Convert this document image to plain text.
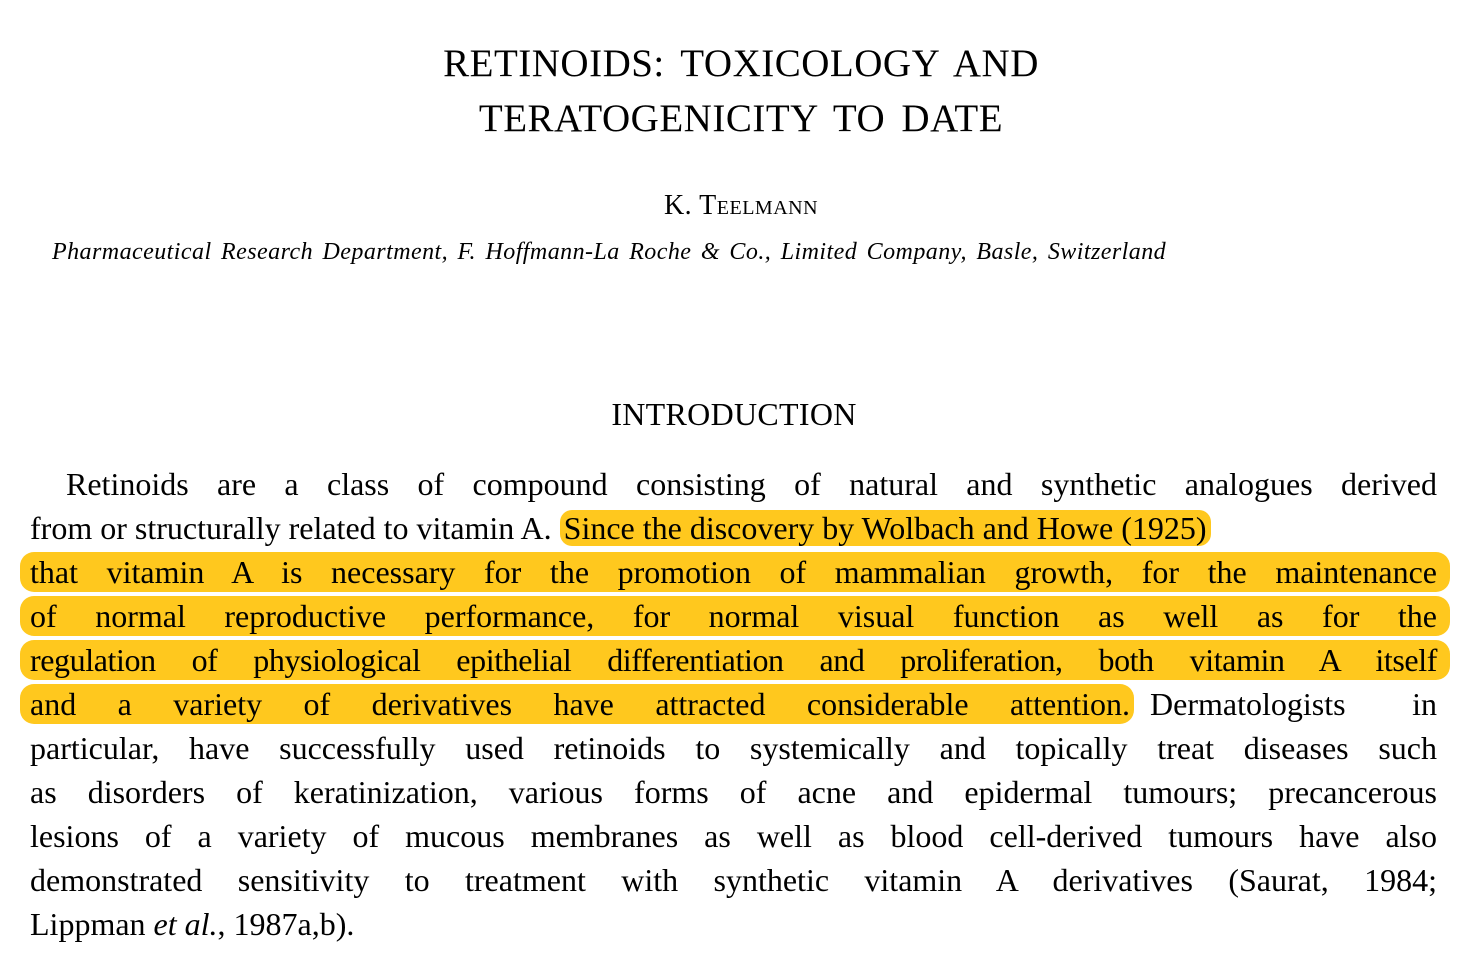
RETINOIDS: TOXICOLOGY AND
TERATOGENICITY TO DATE
K. Teelmann
Pharmaceutical Research Department, F. Hoffmann-La Roche & Co., Limited Company, Basle, Switzerland
INTRODUCTION
Retinoids are a class of compound consisting of natural and synthetic analogues derived
from or structurally related to vitamin A. Since the discovery by Wolbach and Howe (1925)
that vitamin A is necessary for the promotion of mammalian growth, for the maintenance
of normal reproductive performance, for normal visual function as well as for the
regulation of physiological epithelial differentiation and proliferation, both vitamin A itself
and a variety of derivatives have attracted considerable attention. Dermatologists in
particular, have successfully used retinoids to systemically and topically treat diseases such
as disorders of keratinization, various forms of acne and epidermal tumours; precancerous
lesions of a variety of mucous membranes as well as blood cell-derived tumours have also
demonstrated sensitivity to treatment with synthetic vitamin A derivatives (Saurat, 1984;
Lippman et al., 1987a,b).
